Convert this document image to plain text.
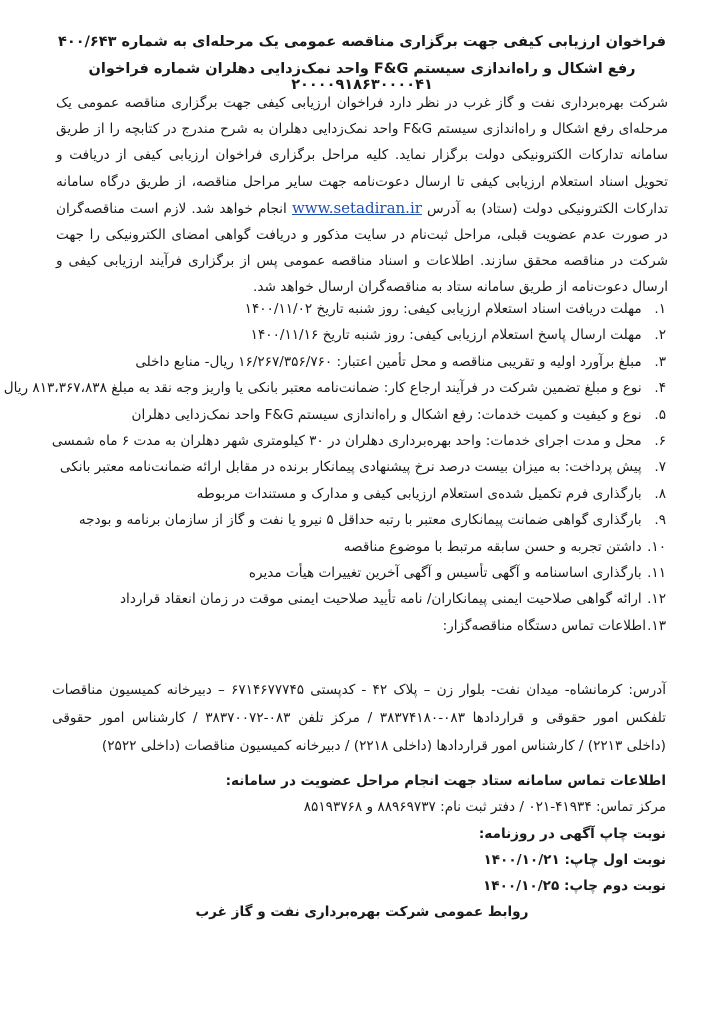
فراخوان ارزیابی کیفی جهت برگزاری مناقصه عمومی یک مرحله‌ای به شماره ۴۰۰/۶۴۳
رفع اشکال و راه‌اندازی سیستم F&G واحد نمک‌زدایی دهلران شماره فراخوان ۲۰۰۰۰۹۱۸۶۳۰۰۰۰۴۱
شرکت بهره‌برداری نفت و گاز غرب در نظر دارد فراخوان ارزیابی کیفی جهت برگزاری مناقصه عمومی یک مرحله‌ای رفع اشکال و راه‌اندازی سیستم F&G واحد نمک‌زدایی دهلران به شرح مندرج در کتابچه را از طریق سامانه تدارکات الکترونیکی دولت برگزار نماید. کلیه مراحل برگزاری فراخوان ارزیابی کیفی از دریافت و تحویل اسناد استعلام ارزیابی کیفی تا ارسال دعوت‌نامه جهت سایر مراحل مناقصه، از طریق درگاه سامانه تدارکات الکترونیکی دولت (ستاد) به آدرس www.setadiran.ir انجام خواهد شد. لازم است مناقصه‌گران در صورت عدم عضویت قبلی، مراحل ثبت‌نام در سایت مذکور و دریافت گواهی امضای الکترونیکی را جهت شرکت در مناقصه محقق سازند. اطلاعات و اسناد مناقصه عمومی پس از برگزاری فرآیند ارزیابی کیفی و ارسال دعوت‌نامه از طریق سامانه ستاد به مناقصه‌گران ارسال خواهد شد.
۱. مهلت دریافت اسناد استعلام ارزیابی کیفی: روز شنبه تاریخ ۱۴۰۰/۱۱/۰۲
۲. مهلت ارسال پاسخ استعلام ارزیابی کیفی: روز شنبه تاریخ ۱۴۰۰/۱۱/۱۶
۳. مبلغ برآورد اولیه و تقریبی مناقصه و محل تأمین اعتبار: ۱۶/۲۶۷/۳۵۶/۷۶۰ ریال- منابع داخلی
۴. نوع و مبلغ تضمین شرکت در فرآیند ارجاع کار: ضمانت‌نامه معتبر بانکی یا واریز وجه نقد به مبلغ ۸۱۳،۳۶۷،۸۳۸ ریال
۵. نوع و کیفیت و کمیت خدمات: رفع اشکال و راه‌اندازی سیستم F&G واحد نمک‌زدایی دهلران
۶. محل و مدت اجرای خدمات: واحد بهره‌برداری دهلران در ۳۰ کیلومتری شهر دهلران به مدت ۶ ماه شمسی
۷. پیش پرداخت: به میزان بیست درصد نرخ پیشنهادی پیمانکار برنده در مقابل ارائه ضمانت‌نامه معتبر بانکی
۸. بارگذاری فرم تکمیل شده‌ی استعلام ارزیابی کیفی و مدارک و مستندات مربوطه
۹. بارگذاری گواهی ضمانت پیمانکاری معتبر با رتبه حداقل ۵ نیرو یا نفت و گاز از سازمان برنامه و بودجه
۱۰. داشتن تجربه و حسن سابقه مرتبط با موضوع مناقصه
۱۱. بارگذاری اساسنامه و آگهی تأسیس و آگهی آخرین تغییرات هیأت مدیره
۱۲. ارائه گواهی صلاحیت ایمنی پیمانکاران/ نامه تأیید صلاحیت ایمنی موقت در زمان انعقاد قرارداد
۱۳.اطلاعات تماس دستگاه مناقصه‌گزار:
آدرس: کرمانشاه- میدان نفت- بلوار زن – پلاک ۴۲ - کدپستی ۶۷۱۴۶۷۷۷۴۵ – دبیرخانه کمیسیون مناقصات تلفکس امور حقوقی و قراردادها ۰۸۳-۳۸۳۷۴۱۸۰ / مرکز تلفن ۰۸۳-۳۸۳۷۰۰۷۲ / کارشناس امور حقوقی (داخلی ۲۲۱۳) / کارشناس امور قراردادها (داخلی ۲۲۱۸) / دبیرخانه کمیسیون مناقصات (داخلی ۲۵۲۲)
اطلاعات تماس سامانه ستاد جهت انجام مراحل عضویت در سامانه:
مرکز تماس: ۴۱۹۳۴-۰۲۱ / دفتر ثبت نام: ۸۸۹۶۹۷۳۷ و ۸۵۱۹۳۷۶۸
نوبت چاپ آگهی در روزنامه:
نوبت اول چاپ: ۱۴۰۰/۱۰/۲۱
نوبت دوم چاپ: ۱۴۰۰/۱۰/۲۵
روابط عمومی شرکت بهره‌برداری نفت و گاز غرب
